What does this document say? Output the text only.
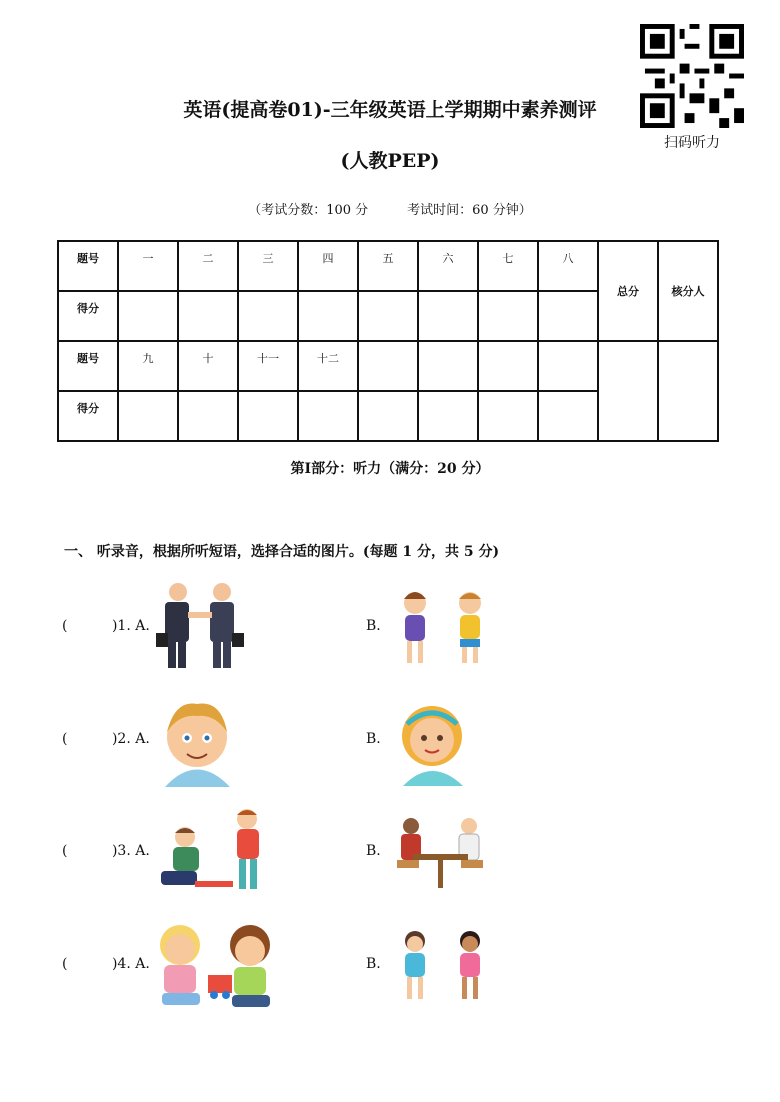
扫码听力
英语(提高卷01)-三年级英语上学期期中素养测评
(人教PEP)
（考试分数：100 分　　　考试时间：60 分钟）
题号	一	二	三	四	五	六	七	八	总分	核分人
得分										
题号	九	十	十一	十二						
得分										
第I部分：听力（满分：20 分）
一、 听录音，根据所听短语，选择合适的图片。(每题 1 分，共 5 分)
(          )1. A.	B.
(          )2. A.	B.
(          )3. A.	B.
(          )4. A.	B.
